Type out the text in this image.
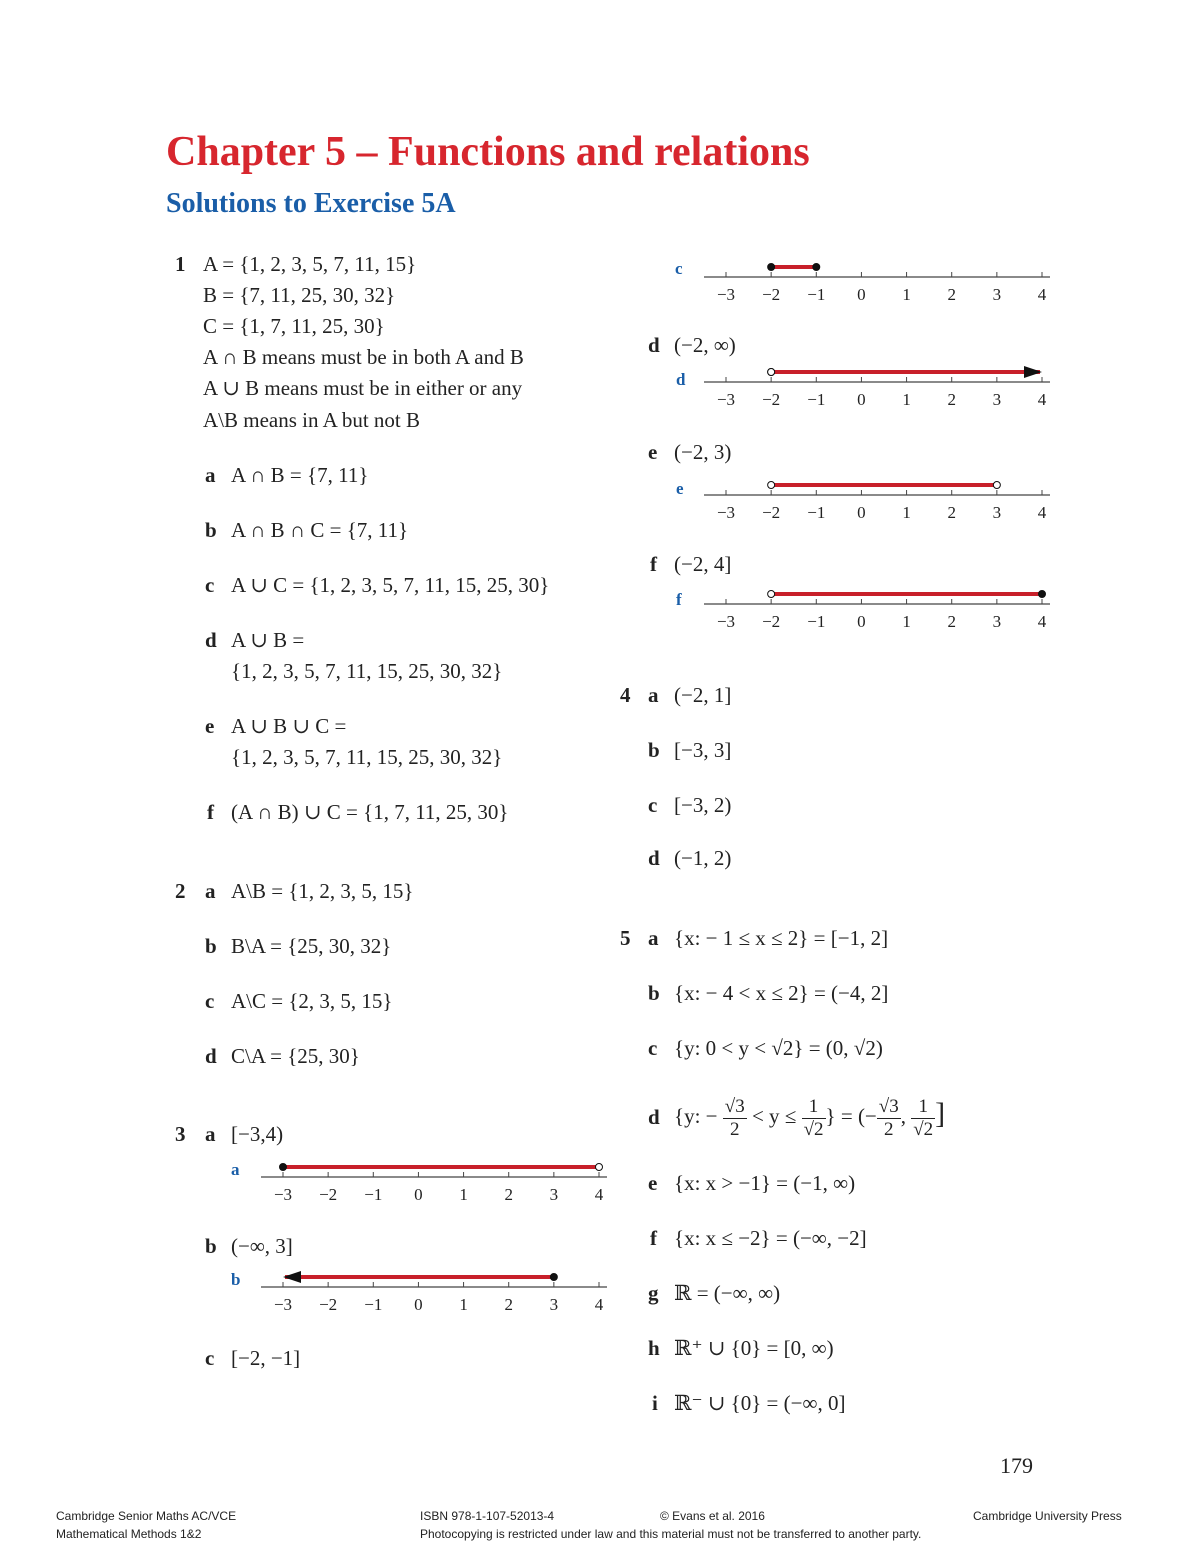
Chapter 5 – Functions and relations
Solutions to Exercise 5A
1 A = {1, 2, 3, 5, 7, 11, 15}
B = {7, 11, 25, 30, 32}
C = {1, 7, 11, 25, 30}
A ∩ B means must be in both A and B
A ∪ B means must be in either or any
A\B means in A but not B
a A ∩ B = {7, 11}
b A ∩ B ∩ C = {7, 11}
c A ∪ C = {1, 2, 3, 5, 7, 11, 15, 25, 30}
d A ∪ B =
{1, 2, 3, 5, 7, 11, 15, 25, 30, 32}
e A ∪ B ∪ C =
{1, 2, 3, 5, 7, 11, 15, 25, 30, 32}
f (A ∩ B) ∪ C = {1, 7, 11, 25, 30}
2 a A\B = {1, 2, 3, 5, 15}
b B\A = {25, 30, 32}
c A\C = {2, 3, 5, 15}
d C\A = {25, 30}
3 a [−3,4)
a
b (−∞, 3]
b
c [−2, −1]
c
d (−2, ∞)
d
e (−2, 3)
e
f (−2, 4]
f
−3 −2 −1 0 1 2 3 4
−3 −2 −1 0 1 2 3 4
−3 −2 −1 0 1 2 3 4
−3 −2 −1 0 1 2 3 4
−3 −2 −1 0 1 2 3 4
−3 −2 −1 0 1 2 3 4
4 a (−2, 1]
b [−3, 3]
c [−3, 2)
d (−1, 2)
5 a {x: − 1 ≤ x ≤ 2} = [−1, 2]
b {x: − 4 < x ≤ 2} = (−4, 2]
c {y: 0 < y < √2} = (0, √2)
d {y: − $\frac{√3}{2} < y \le \frac{1}{√2}$ } = (− $\frac{√3}{2}$ , $\frac{1}{√2}$ ]
e {x: x > −1} = (−1, ∞)
f {x: x ≤ −2} = (−∞, −2]
g ℝ = (−∞, ∞)
h ℝ⁺ ∪ {0} = [0, ∞)
i ℝ⁻ ∪ {0} = (−∞, 0]
179
Cambridge Senior Maths AC/VCE
Mathematical Methods 1&2
ISBN 978-1-107-52013-4	© Evans et al. 2016	Cambridge University Press
Photocopying is restricted under law and this material must not be transferred to another party.
